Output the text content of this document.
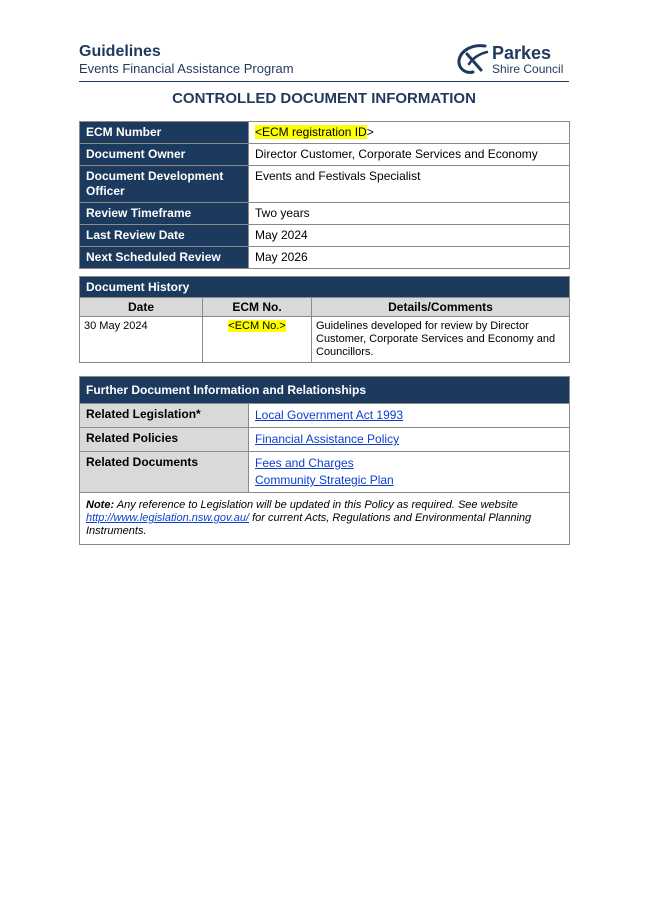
Guidelines
Events Financial Assistance Program
Parkes
Shire Council
CONTROLLED DOCUMENT INFORMATION
ECM Number	<ECM registration ID>
Document Owner	Director Customer, Corporate Services and Economy
Document Development Officer	Events and Festivals Specialist
Review Timeframe	Two years
Last Review Date	May 2024
Next Scheduled Review	May 2026
Document History		
Date	ECM No.	Details/Comments
30 May 2024	<ECM No.>	Guidelines developed for review by Director Customer, Corporate Services and Economy and Councillors.
Further Document Information and Relationships	
Related Legislation*	Local Government Act 1993
Related Policies	Financial Assistance Policy
Related Documents	Fees and Charges
Community Strategic Plan

Note: Any reference to Legislation will be updated in this Policy as required. See website http://www.legislation.nsw.gov.au/ for current Acts, Regulations and Environmental Planning Instruments.	
